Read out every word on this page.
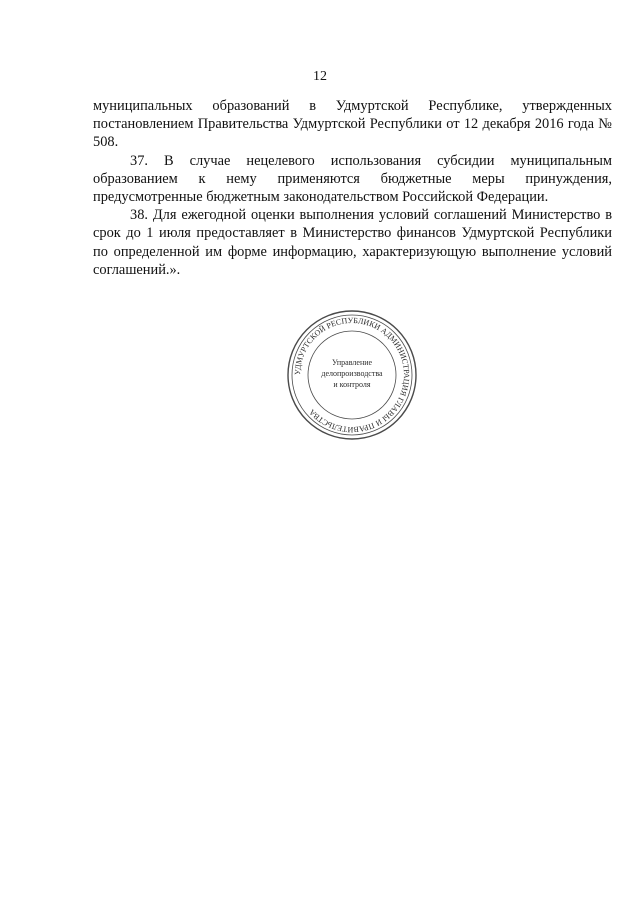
12

муниципальных образований в Удмуртской Республике, утвержденных постановлением Правительства Удмуртской Республики от 12 декабря 2016 года № 508.

37. В случае нецелевого использования субсидии муниципальным образованием к нему применяются бюджетные меры принуждения, предусмотренные бюджетным законодательством Российской Федерации.

38. Для ежегодной оценки выполнения условий соглашений Министерство в срок до 1 июля предоставляет в Министерство финансов Удмуртской Республики по определенной им форме информацию, характеризующую выполнение условий соглашений.».

УДМУРТСКОЙ РЕСПУБЛИКИ АДМИНИСТРАЦИЯ ГЛАВЫ И ПРАВИТЕЛЬСТВА
Управление
делопроизводства
и контроля
